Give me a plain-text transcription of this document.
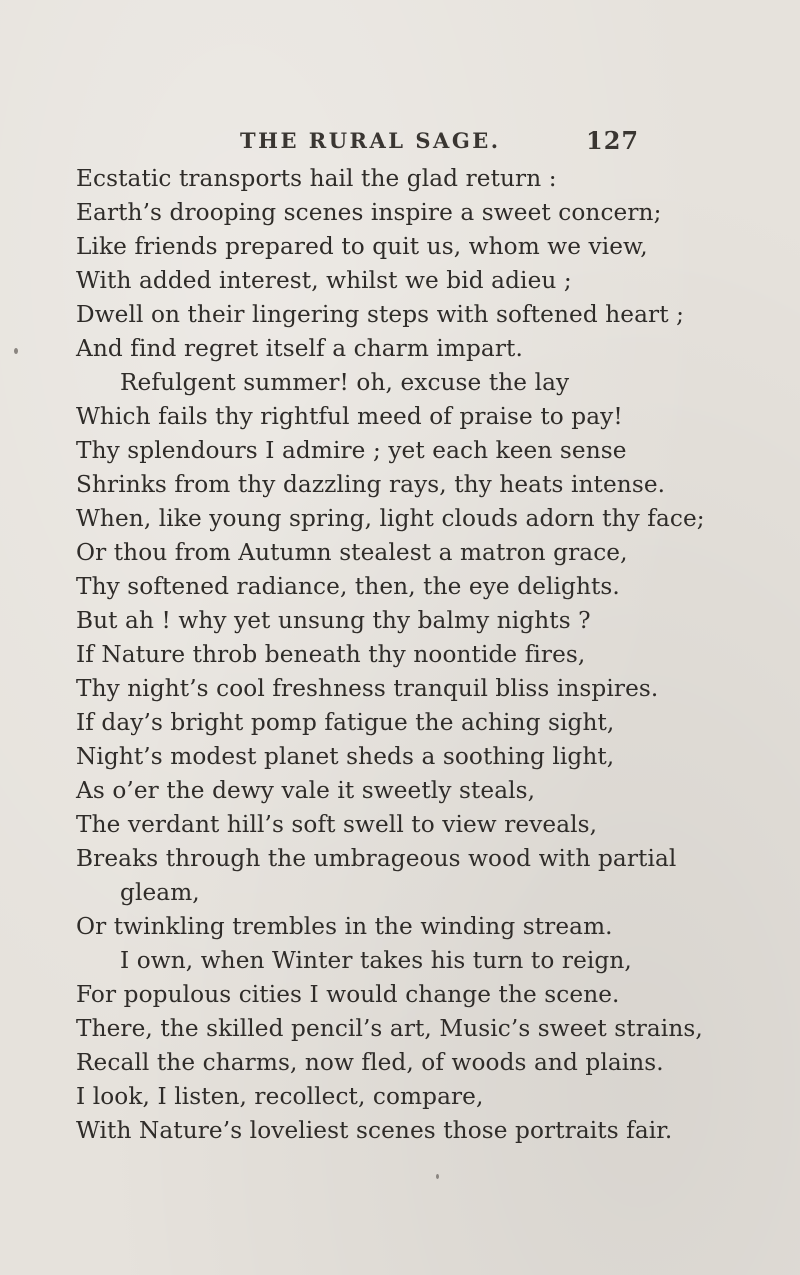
THE RURAL SAGE.	127
Ecstatic transports hail the glad return :
Earth’s drooping scenes inspire a sweet concern;
Like friends prepared to quit us, whom we view,
With added interest, whilst we bid adieu ;
Dwell on their lingering steps with softened heart ;
And find regret itself a charm impart.
Refulgent summer! oh, excuse the lay
Which fails thy rightful meed of praise to pay!
Thy splendours I admire ; yet each keen sense
Shrinks from thy dazzling rays, thy heats intense.
When, like young spring, light clouds adorn thy face;
Or thou from Autumn stealest a matron grace,
Thy softened radiance, then, the eye delights.
But ah ! why yet unsung thy balmy nights ?
If Nature throb beneath thy noontide fires,
Thy night’s cool freshness tranquil bliss inspires.
If day’s bright pomp fatigue the aching sight,
Night’s modest planet sheds a soothing light,
As o’er the dewy vale it sweetly steals,
The verdant hill’s soft swell to view reveals,
Breaks through the umbrageous wood with partial
gleam,
Or twinkling trembles in the winding stream.
I own, when Winter takes his turn to reign,
For populous cities I would change the scene.
There, the skilled pencil’s art, Music’s sweet strains,
Recall the charms, now fled, of woods and plains.
I look, I listen, recollect, compare,
With Nature’s loveliest scenes those portraits fair.
